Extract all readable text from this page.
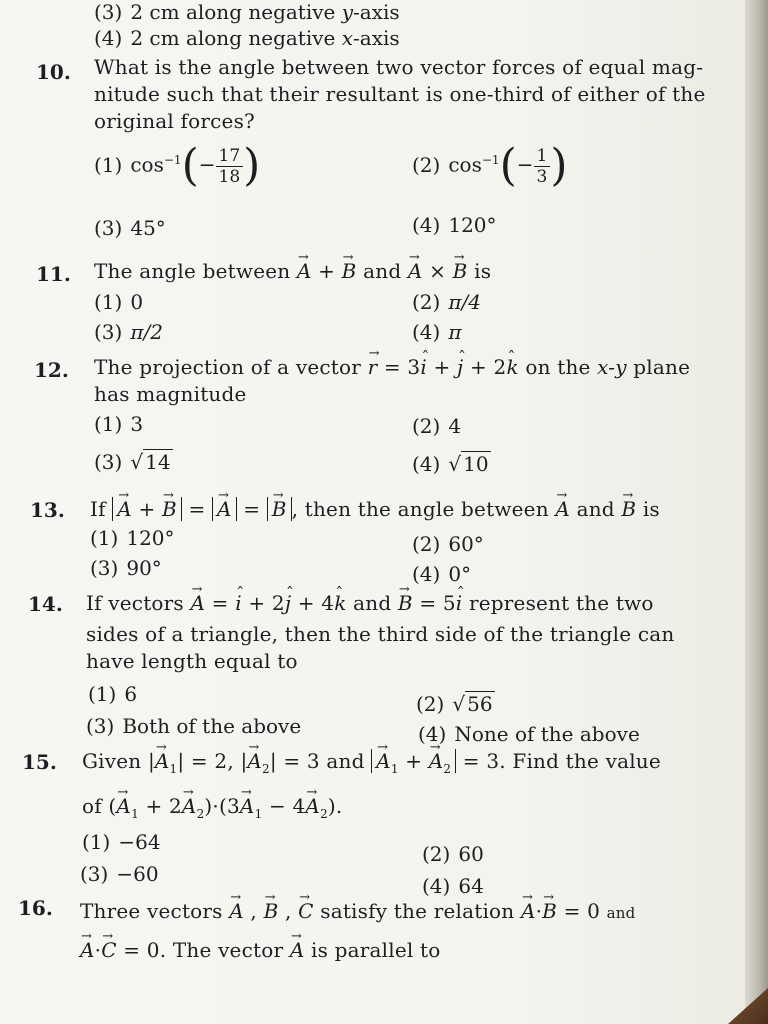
(3) 2 cm along negative y-axis
(4) 2 cm along negative x-axis
10. What is the angle between two vector forces of equal mag-
nitude such that their resultant is one-third of either of the
original forces?
(1) $\cos^{-1}(- \frac{17}{18}$ )	(2) $\cos^{-1}(- \frac{1}{3}$ )
(3) 45°	(4) 120°
11. The angle between → A + → B and → A × → B is
(1) 0	(2) π/4
(3) π/2	(4) π
12. The projection of a vector → r = 3ˆ i + ˆ j + 2ˆ k on the x-y plane
has magnitude
(1) 3	(2) 4
(3) √ 14	(4) √ 10
13. If → A + → B = → A = → B , then the angle between → A and → B is
(1) 120°	(2) 60°
(3) 90°	(4) 0°
14. If vectors → A = ˆ i + 2ˆ j + 4ˆ k and → B = 5ˆ i represent the two
sides of a triangle, then the third side of the triangle can
have length equal to
(1) 6	(2) √ 56
(3) Both of the above	(4) None of the above
15. Given |→ $A_1| = 2$, |→ $A_2| = 3$ and → $A_1$ + → $A_2 = 3$. Find the value
of (→ $A_1 + 2\to A_2)\cdot(3\to A_1 - 4\to A_2)$.
(1) −64	(2) 60
(3) −60	(4) 64
16. Three vectors → A , → B , → C satisfy the relation → A·→ B = 0 and
→ A·→ C = 0. The vector → A is parallel to
